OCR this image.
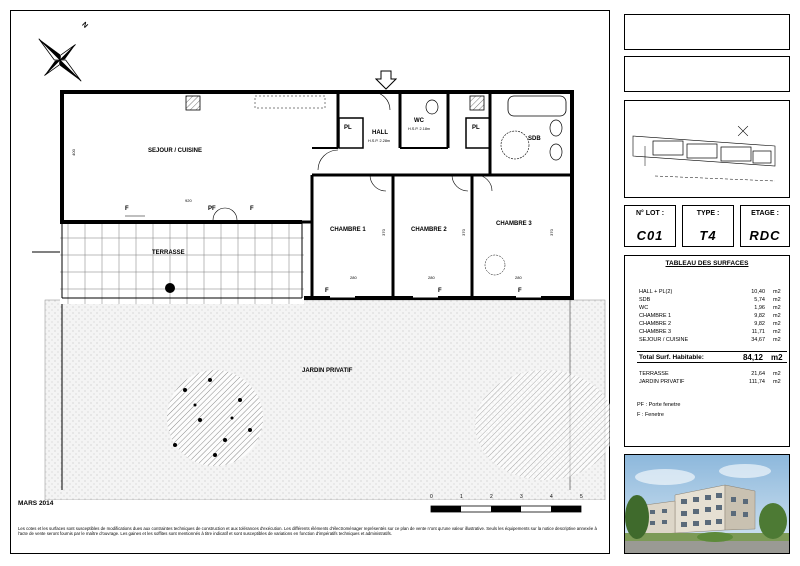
N
SEJOUR / CUISINE
HALL
H.S.P. 2.28m
WC
H.S.P. 2.18m
SDB
PL	PL
CHAMBRE 1	CHAMBRE 2
CHAMBRE 3
TERRASSE
JARDIN PRIVATIF
F	PF	F
F	F	F
920
400
280	280	280
370	370	370
MARS 2014
Les cotes et les surfaces sont susceptibles de modifications dues aux contraintes techniques de construction et aux tolérances d'exécution. Les différents éléments d'électroménager représentés sur ce plan de vente n'ont qu'une valeur illustrative. Seuls les équipements sur la notice descriptive annexée à l'acte de vente seront fournis par le maître d'ouvrage. Les gaines et les soffites sont mentionnés à titre indicatif et sont susceptibles de variations en fonction d'impératifs techniques et administratifs.
0	1	2	3	4	5
N° LOT :
C01
TYPE :
T4
ETAGE :
RDC
TABLEAU DES SURFACES
HALL + PL(2)	10,40 m2
SDB	5,74 m2
WC	1,96 m2
CHAMBRE 1	9,82 m2
CHAMBRE 2	9,82 m2
CHAMBRE 3	11,71 m2
SEJOUR / CUISINE	34,67 m2
Total Surf. Habitable:	84,12 m2
TERRASSE	21,64 m2
JARDIN PRIVATIF	111,74 m2
PF : Porte fenetre
F : Fenetre
